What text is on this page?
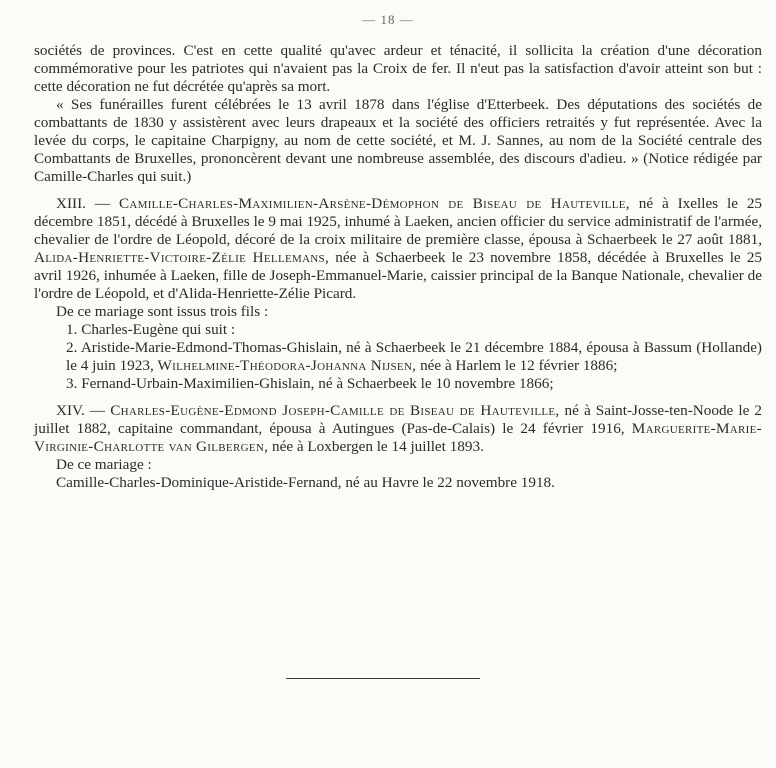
— 18 —

sociétés de provinces. C'est en cette qualité qu'avec ardeur et ténacité, il sollicita la création d'une décoration commémorative pour les patriotes qui n'avaient pas la Croix de fer. Il n'eut pas la satisfaction d'avoir atteint son but : cette décoration ne fut décrétée qu'après sa mort.

« Ses funérailles furent célébrées le 13 avril 1878 dans l'église d'Etterbeek. Des députations des sociétés de combattants de 1830 y assistèrent avec leurs drapeaux et la société des officiers retraités y fut représentée. Avec la levée du corps, le capitaine Charpigny, au nom de cette société, et M. J. Sannes, au nom de la Société centrale des Combattants de Bruxelles, prononcèrent devant une nombreuse assemblée, des discours d'adieu. » (Notice rédigée par Camille-Charles qui suit.)

XIII. — Camille-Charles-Maximilien-Arsène-Démophon de Biseau de Hauteville, né à Ixelles le 25 décembre 1851, décédé à Bruxelles le 9 mai 1925, inhumé à Laeken, ancien officier du service administratif de l'armée, chevalier de l'ordre de Léopold, décoré de la croix militaire de première classe, épousa à Schaerbeek le 27 août 1881, Alida-Henriette-Victoire-Zélie Hellemans, née à Schaerbeek le 23 novembre 1858, décédée à Bruxelles le 25 avril 1926, inhumée à Laeken, fille de Joseph-Emmanuel-Marie, caissier principal de la Banque Nationale, chevalier de l'ordre de Léopold, et d'Alida-Henriette-Zélie Picard.

De ce mariage sont issus trois fils :

1. Charles-Eugène qui suit :

2. Aristide-Marie-Edmond-Thomas-Ghislain, né à Schaerbeek le 21 décembre 1884, épousa à Bassum (Hollande) le 4 juin 1923, Wilhelmine-Théodora-Johanna Nijsen, née à Harlem le 12 février 1886;

3. Fernand-Urbain-Maximilien-Ghislain, né à Schaerbeek le 10 novembre 1866;

XIV. — Charles-Eugène-Edmond Joseph-Camille de Biseau de Hauteville, né à Saint-Josse-ten-Noode le 2 juillet 1882, capitaine commandant, épousa à Autingues (Pas-de-Calais) le 24 février 1916, Marguerite-Marie-Virginie-Charlotte van Gilbergen, née à Loxbergen le 14 juillet 1893.

De ce mariage :

Camille-Charles-Dominique-Aristide-Fernand, né au Havre le 22 novembre 1918.
